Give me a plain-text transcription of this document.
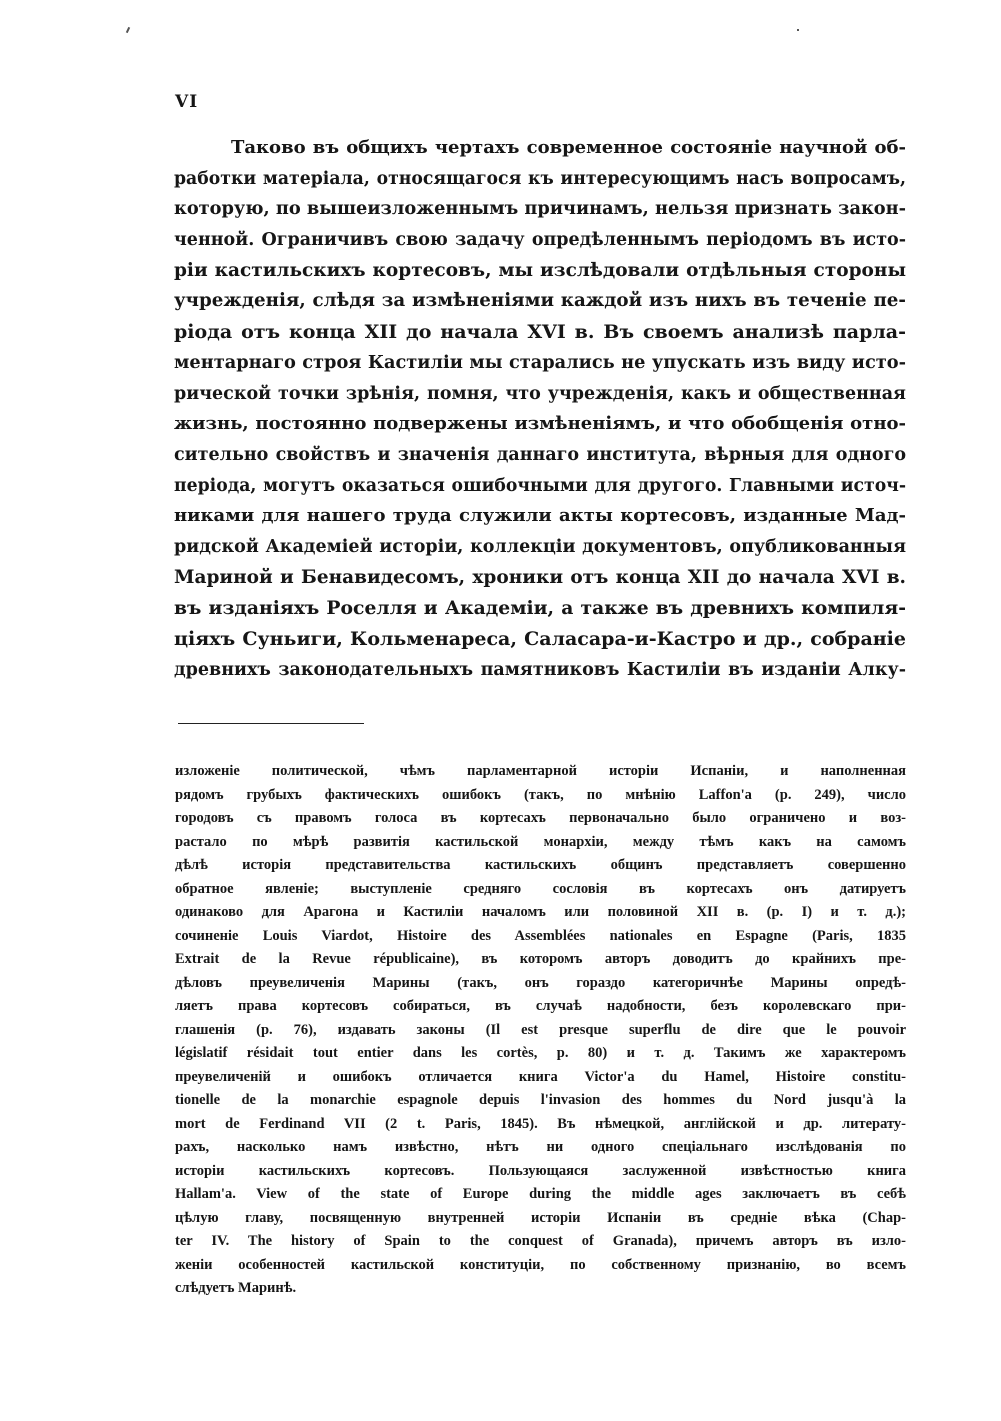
VI
Таково въ общихъ чертахъ современное состояніе научной об-
работки матеріала, относящагося къ интересующимъ насъ вопросамъ,
которую, по вышеизложеннымъ причинамъ, нельзя признать закон-
ченной. Ограничивъ свою задачу опредѣленнымъ періодомъ въ исто-
ріи кастильскихъ кортесовъ, мы изслѣдовали отдѣльныя стороны
учрежденія, слѣдя за измѣненіями каждой изъ нихъ въ теченіе пе-
ріода отъ конца XII до начала XVI в. Въ своемъ анализѣ парла-
ментарнаго строя Кастиліи мы старались не упускать изъ виду исто-
рической точки зрѣнія, помня, что учрежденія, какъ и общественная
жизнь, постоянно подвержены измѣненіямъ, и что обобщенія отно-
сительно свойствъ и значенія даннаго института, вѣрныя для одного
періода, могутъ оказаться ошибочными для другого. Главными источ-
никами для нашего труда служили акты кортесовъ, изданные Мад-
ридской Академіей исторіи, коллекціи документовъ, опубликованныя
Мариной и Бенавидесомъ, хроники отъ конца XII до начала XVI в.
въ изданіяхъ Роселля и Академіи, а также въ древнихъ компиля-
ціяхъ Суньиги, Кольменареса, Саласара-и-Кастро и др., собраніе
древнихъ законодательныхъ памятниковъ Кастиліи въ изданіи Алку-
изложеніе политической, чѣмъ парламентарной исторіи Испаніи, и наполненная
рядомъ грубыхъ фактическихъ ошибокъ (такъ, по мнѣнію Laffon'a (p. 249), число
городовъ съ правомъ голоса въ кортесахъ первоначально было ограничено и воз-
растало по мѣрѣ развитія кастильской монархіи, между тѣмъ какъ на самомъ
дѣлѣ исторія представительства кастильскихъ общинъ представляетъ совершенно
обратное явленіе; выступленіе средняго сословія въ кортесахъ онъ датируетъ
одинаково для Арагона и Кастиліи началомъ или половиной XII в. (p. I) и т. д.);
сочиненіе Louis Viardot, Histoire des Assemblées nationales en Espagne (Paris, 1835
Extrait de la Revue républicaine), въ которомъ авторъ доводитъ до крайнихъ пре-
дѣловъ преувеличенія Марины (такъ, онъ гораздо категоричнѣе Марины опредѣ-
ляетъ права кортесовъ собираться, въ случаѣ надобности, безъ королевскаго при-
глашенія (p. 76), издавать законы (Il est presque superflu de dire que le pouvoir
législatif résidait tout entier dans les cortès, p. 80) и т. д. Такимъ же характеромъ
преувеличеній и ошибокъ отличается книга Victor'a du Hamel, Histoire constitu-
tionelle de la monarchie espagnole depuis l'invasion des hommes du Nord jusqu'à la
mort de Ferdinand VII (2 t. Paris, 1845). Въ нѣмецкой, англійской и др. литерату-
рахъ, насколько намъ извѣстно, нѣтъ ни одного спеціальнаго изслѣдованія по
исторіи кастильскихъ кортесовъ. Пользующаяся заслуженной извѣстностью книга
Hallam'a. View of the state of Europe during the middle ages заключаетъ въ себѣ
цѣлую главу, посвященную внутренней исторіи Испаніи въ средніе вѣка (Chap-
ter IV. The history of Spain to the conquest of Granada), причемъ авторъ въ изло-
женіи особенностей кастильской конституціи, по собственному признанію, во всемъ
слѣдуетъ Маринѣ.
